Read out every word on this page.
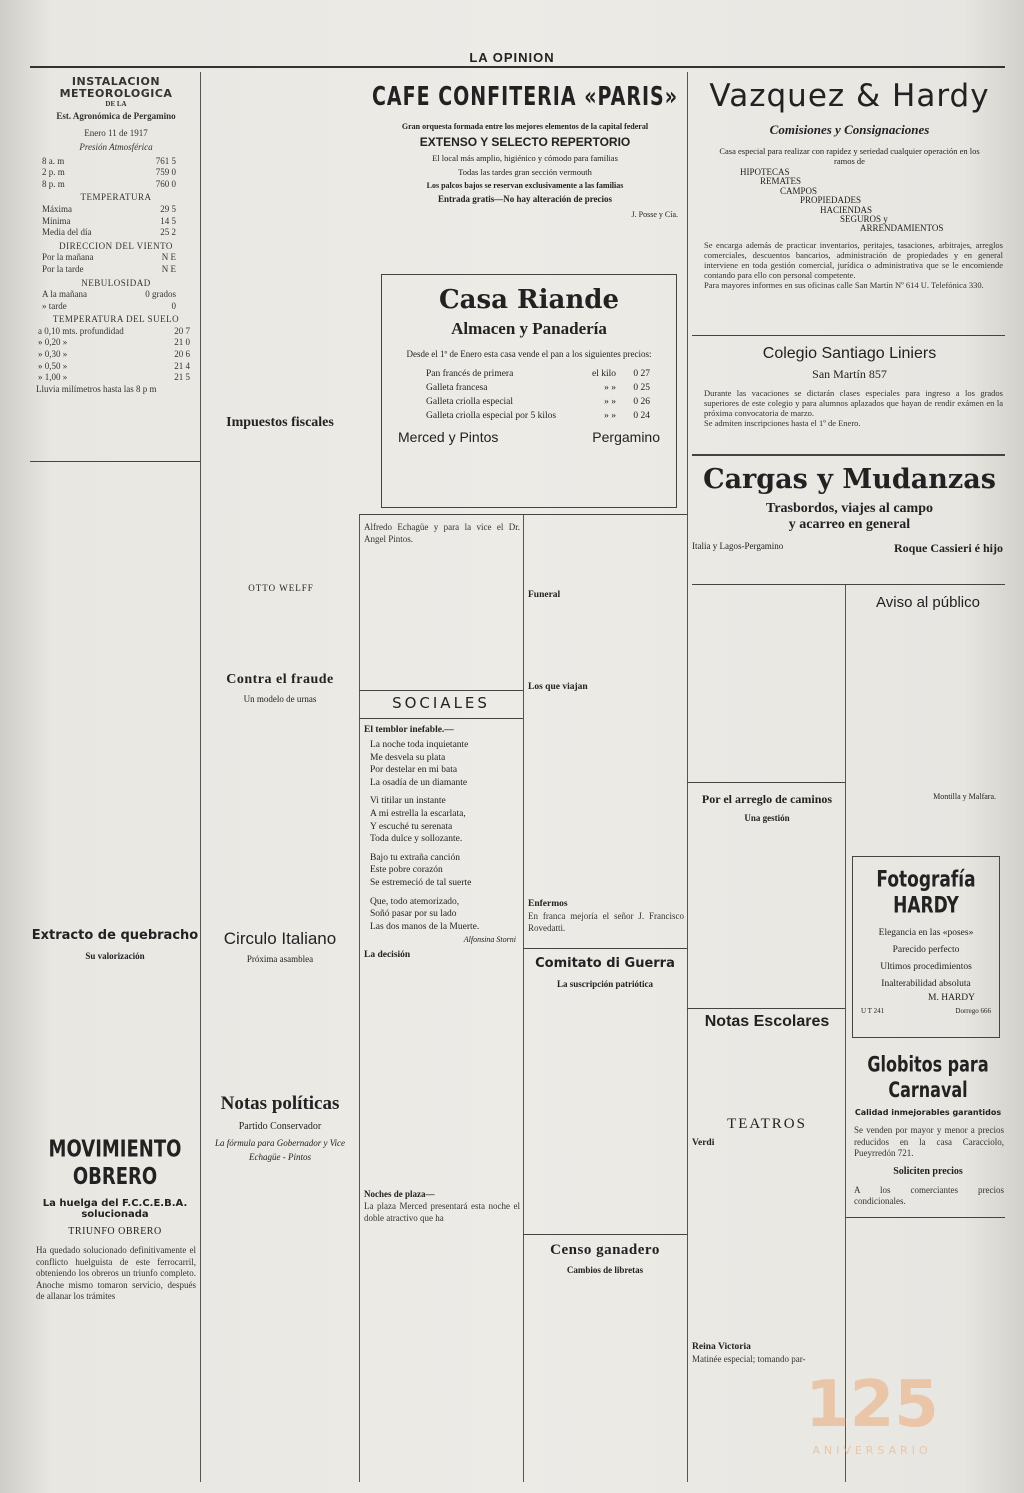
LA OPINION
INSTALACION METEOROLOGICA
DE LA
Est. Agronómica de Pergamino
Enero 11 de 1917
Presión Atmosférica
8 a. m	761 5
2 p. m	759 0
8 p. m	760 0
TEMPERATURA
Máxima	29 5
Mínima	14 5
Media del día	25 2
DIRECCION DEL VIENTO
Por la mañana	N E
Por la tarde	N E
NEBULOSIDAD
A la mañana	0 grados
» tarde	0
TEMPERATURA DEL SUELO
a 0,10 mts. profundidad	20 7
» 0,20 »	21 0
» 0,30 »	20 6
» 0,50 »	21 4
» 1,00 »	21 5
Lluvia milímetros hasta las 8 p m
Extracto de quebracho
Su valorización
MOVIMIENTO OBRERO
La huelga del F.C.C.E.B.A. solucionada
TRIUNFO OBRERO
Ha quedado solucionado definitivamente el conflicto huelguista de este ferrocarril, obteniendo los obreros un triunfo completo. Anoche mismo tomaron servicio, después de allanar los trámites
Impuestos fiscales
OTTO WELFF
Contra el fraude
Un modelo de urnas
Circulo Italiano
Próxima asamblea
Notas políticas
Partido Conservador
La fórmula para Gobernador y Vice
Echagüe - Pintos
CAFE CONFITERIA «PARIS»
Gran orquesta formada entre los mejores elementos de la capital federal
EXTENSO Y SELECTO REPERTORIO
El local más amplio, higiénico y cómodo para familias
Todas las tardes gran sección vermouth
Los palcos bajos se reservan exclusivamente a las familias
Entrada gratis—No hay alteración de precios
J. Posse y Cía.
Casa Riande
Almacen y Panadería
Desde el 1º de Enero esta casa vende el pan a los siguientes precios:
Pan francés de primera	el kilo	0 27
Galleta francesa	» »	0 25
Galleta criolla especial	» »	0 26
Galleta criolla especial por 5 kilos	» »	0 24
Merced y Pintos	Pergamino
Vazquez & Hardy
Comisiones y Consignaciones
Casa especial para realizar con rapidez y seriedad cualquier operación en los ramos de
HIPOTECAS
REMATES
CAMPOS
PROPIEDADES
HACIENDAS
SEGUROS y
ARRENDAMIENTOS
Se encarga además de practicar inventarios, peritajes, tasaciones, arbitrajes, arreglos comerciales, descuentos bancarios, administración de propiedades y en general interviene en toda gestión comercial, jurídica o administrativa que se le encomiende contando para ello con personal competente.
Para mayores informes en sus oficinas calle San Martín Nº 614 U. Telefónica 330.
Colegio Santiago Liniers
San Martín 857
Durante las vacaciones se dictarán clases especiales para ingreso a los grados superiores de este colegio y para alumnos aplazados que hayan de rendir exámen en la próxima convocatoria de marzo.
Se admiten inscripciones hasta el 1º de Enero.
Cargas y Mudanzas
Trasbordos, viajes al campo
y acarreo en general
Italia y Lagos-Pergamino	Roque Cassieri é hijo
Alfredo Echagüe y para la vice el Dr. Angel Pintos.
SOCIALES
El temblor inefable.—
La noche toda inquietante
Me desvela su plata
Por destelar en mi bata
La osadía de un diamante
Vi titilar un instante
A mi estrella la escarlata,
Y escuché tu serenata
Toda dulce y sollozante.
Bajo tu extraña canción
Este pobre corazón
Se estremeció de tal suerte
Que, todo atemorizado,
Soñó pasar por su lado
Las dos manos de la Muerte.
Alfonsina Storni
La decisión
Noches de plaza—
La plaza Merced presentará esta noche el doble atractivo que ha
Funeral
Los que viajan
Enfermos
En franca mejoría el señor J. Francisco Rovedatti.
Comitato di Guerra
La suscripción patriótica
Censo ganadero
Cambios de libretas
Por el arreglo de caminos
Una gestión
Notas Escolares
TEATROS
Verdi
Reina Victoria
Matinée especial; tomando par-
Aviso al público
Montilla y Malfara.
Fotografía HARDY
Elegancia en las «poses»
Parecido perfecto
Ultimos procedimientos
Inalterabilidad absoluta
M. HARDY
U T 241	Dorrego 666
Globitos para Carnaval
Calidad inmejorables garantidos
Se venden por mayor y menor a precios reducidos en la casa Caracciolo, Pueyrredón 721.
Soliciten precios
A los comerciantes precios condicionales.
125
ANIVERSARIO
